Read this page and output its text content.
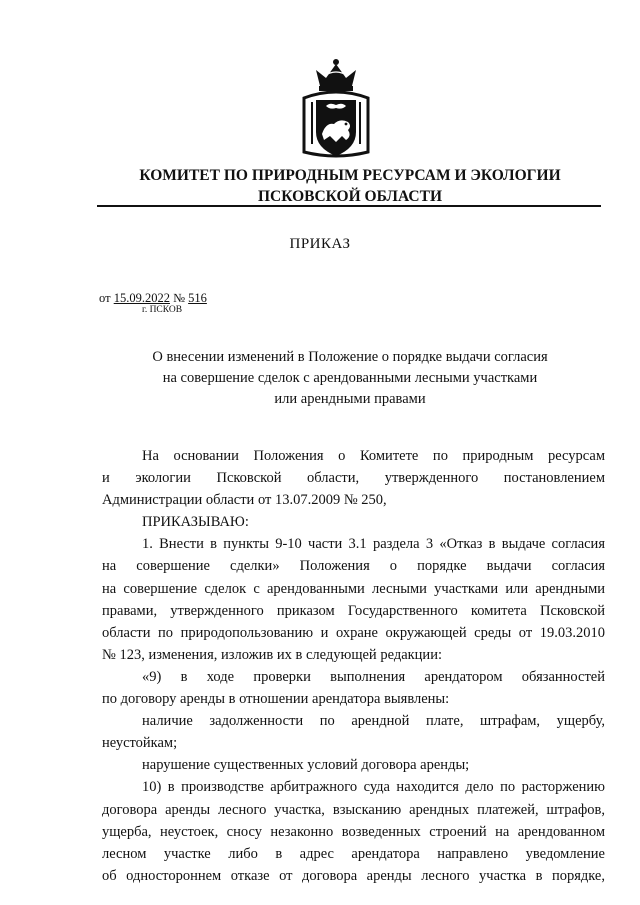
КОМИТЕТ ПО ПРИРОДНЫМ РЕСУРСАМ И ЭКОЛОГИИ
ПСКОВСКОЙ ОБЛАСТИ
ПРИКАЗ
от 15.09.2022 № 516
г. ПСКОВ
О внесении изменений в Положение о порядке выдачи согласия
на совершение сделок с арендованными лесными участками
или арендными правами

На основании Положения о Комитете по природным ресурсам

и экологии Псковской области, утвержденного постановлением

Администрации области от 13.07.2009 № 250,

ПРИКАЗЫВАЮ:

1. Внести в пункты 9-10 части 3.1 раздела 3 «Отказ в выдаче согласия

на совершение сделки» Положения о порядке выдачи согласия

на совершение сделок с арендованными лесными участками или арендными

правами, утвержденного приказом Государственного комитета Псковской

области по природопользованию и охране окружающей среды от 19.03.2010

№ 123, изменения, изложив их в следующей редакции:

«9) в ходе проверки выполнения арендатором обязанностей

по договору аренды в отношении арендатора выявлены:

наличие задолженности по арендной плате, штрафам, ущербу,

неустойкам;

нарушение существенных условий договора аренды;

10) в производстве арбитражного суда находится дело по расторжению

договора аренды лесного участка, взысканию арендных платежей, штрафов,

ущерба, неустоек, сносу незаконно возведенных строений на арендованном

лесном участке либо в адрес арендатора направлено уведомление

об одностороннем отказе от договора аренды лесного участка в порядке,
